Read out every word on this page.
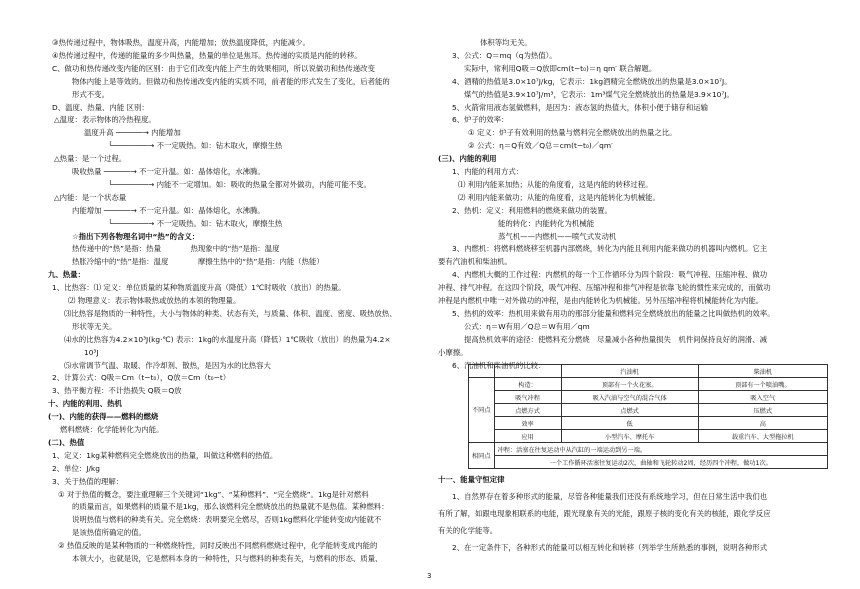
③热传递过程中，物体吸热，温度升高，内能增加；放热温度降低，内能减少。
④热传递过程中，传递的能量的多少叫热量，热量的单位是焦耳。热传递的实质是内能的转移。
C、做功和热传递改变内能的区别：由于它们改变内能上产生的效果相同，所以说做功和热传递改变
物体内能上是等效的。但做功和热传递改变内能的实质不同，前者能的形式发生了变化，后者能的
形式不变。
D、温度、热量、内能 区别：
△温度：表示物体的冷热程度。
温度升高 ──────→ 内能增加
└────────→ 不一定吸热。如：钻木取火，摩擦生热
△热量：是一个过程。
吸收热量 ──────→ 不一定升温。如：晶体熔化，水沸腾。
└────────→ 内能不一定增加。如：吸收的热量全都对外做功，内能可能不变。
△内能：是一个状态量
内能增加 ──────→ 不一定升温。如：晶体熔化，水沸腾。
└────────→ 不一定吸热。如：钻木取火，摩擦生热
☆指出下列各物理名词中“热”的含义：
热传递中的“热”是指：热量　　　　热现象中的“热”是指：温度
热胀冷缩中的“热”是指：温度　　　　摩擦生热中的“热”是指：内能（热能）
九、热量：
1、比热容：⑴ 定义：单位质量的某种物质温度升高（降低）1℃时吸收（放出）的热量。
⑵ 物理意义：表示物体吸热或放热的本领的物理量。
⑶比热容是物质的一种特性，大小与物体的种类、状态有关，与质量、体积、温度、密度、吸热放热、
形状等无关。
⑷水的比热容为4.2×10³J(kg·℃) 表示：1kg的水温度升高（降低）1℃吸收（放出）的热量为4.2×
10³J
⑸水常调节气温、取暖、作冷却剂、散热，是因为水的比热容大
2、计算公式：Q吸＝Cm（t−t₀），Q放＝Cm（t₀−t）
3、热平衡方程：不计热损失 Q吸＝Q放
十、内能的利用、热机
(一)、内能的获得——燃料的燃烧
燃料燃烧：化学能转化为内能。
(二)、热值
1、定义：1kg某种燃料完全燃烧放出的热量，叫做这种燃料的热值。
2、单位：J/kg
3、关于热值的理解：
① 对于热值的概念，要注重理解三个关键词“1kg”、“某种燃料”、“完全燃烧”。1kg是针对燃料
的质量而言，如果燃料的质量不是1kg，那么该燃料完全燃烧放出的热量就不是热值。某种燃料：
说明热值与燃料的种类有关。完全燃烧：表明要完全燃尽，否则1kg燃料化学能转变成内能就不
是该热值所确定的值。
② 热值反映的是某种物质的一种燃烧特性，同时反映出不同燃料燃烧过程中，化学能转变成内能的
本领大小，也就是说，它是燃料本身的一种特性，只与燃料的种类有关，与燃料的形态、质量、
体积等均无关。
3、公式：Q＝mq（q为热值）。
实际中，常利用Q吸＝Q放即cm(t−t₀)＝η qm′ 联合解题。
4、酒精的热值是3.0×10⁷J/kg，它表示：1kg酒精完全燃烧放出的热量是3.0×10⁷J。
煤气的热值是3.9×10⁷J/m³，它表示：1m³煤气完全燃烧放出的热量是3.9×10⁷J。
5、火箭常用液态氢做燃料，是因为：液态氢的热值大，体积小便于储存和运输
6、炉子的效率：
① 定义：炉子有效利用的热量与燃料完全燃烧放出的热量之比。
② 公式：η＝Q有效／Q总＝cm(t−t₀)／qm′
(三)、内能的利用
1、内能的利用方式：
⑴ 利用内能来加热；从能的角度看，这是内能的转移过程。
⑵ 利用内能来做功；从能的角度看，这是内能转化为机械能。
2、热机：定义：利用燃料的燃烧来做功的装置。
能的转化：内能转化为机械能
蒸气机——内燃机——喷气式发动机
3、内燃机：将燃料燃烧移至机器内部燃烧，转化为内能且利用内能来做功的机器叫内燃机。它主
要有汽油机和柴油机。
4、内燃机大概的工作过程：内燃机的每一个工作循环分为四个阶段：吸气冲程、压缩冲程、做功
冲程、排气冲程。在这四个阶段，吸气冲程、压缩冲程和排气冲程是依靠飞轮的惯性来完成的，而做功
冲程是内燃机中唯一对外做功的冲程，是由内能转化为机械能。另外压缩冲程将机械能转化为内能。
5、热机的效率：热机用来做有用功的那部分能量和燃料完全燃烧放出的能量之比叫做热机的效率。
公式：η＝W有用／Q总＝W有用／qm
提高热机效率的途径：使燃料充分燃烧　尽量减小各种热量损失　机件间保持良好的润滑、减
小摩擦。
6、汽油机和柴油机的比较：
十一、能量守恒定律
1、自然界存在着多种形式的能量，尽管各种能量我们还没有系统地学习，但在日常生活中我们也
有所了解，如跟电现象相联系的电能，跟光现象有关的光能，跟原子核的变化有关的核能，跟化学反应
有关的化学能等。
2、在一定条件下，各种形式的能量可以相互转化和转移（列举学生所熟悉的事例，说明各种形式
		汽油机	柴油机
不同点	构造：	顶部有一个火花塞。	顶部有一个喷油嘴。
	吸气冲程	吸入汽油与空气的混合气体	吸入空气
	点燃方式	点燃式	压燃式
	效率	低	高
	应用	小型汽车、摩托车	载重汽车、大型拖拉机
相同点	冲程：活塞在往复运动中从汽缸的一端运动到另一端。		
	一个工作循环活塞往复运动2次，曲轴和飞轮转动2周，经历四个冲程，做功1次。		
3
